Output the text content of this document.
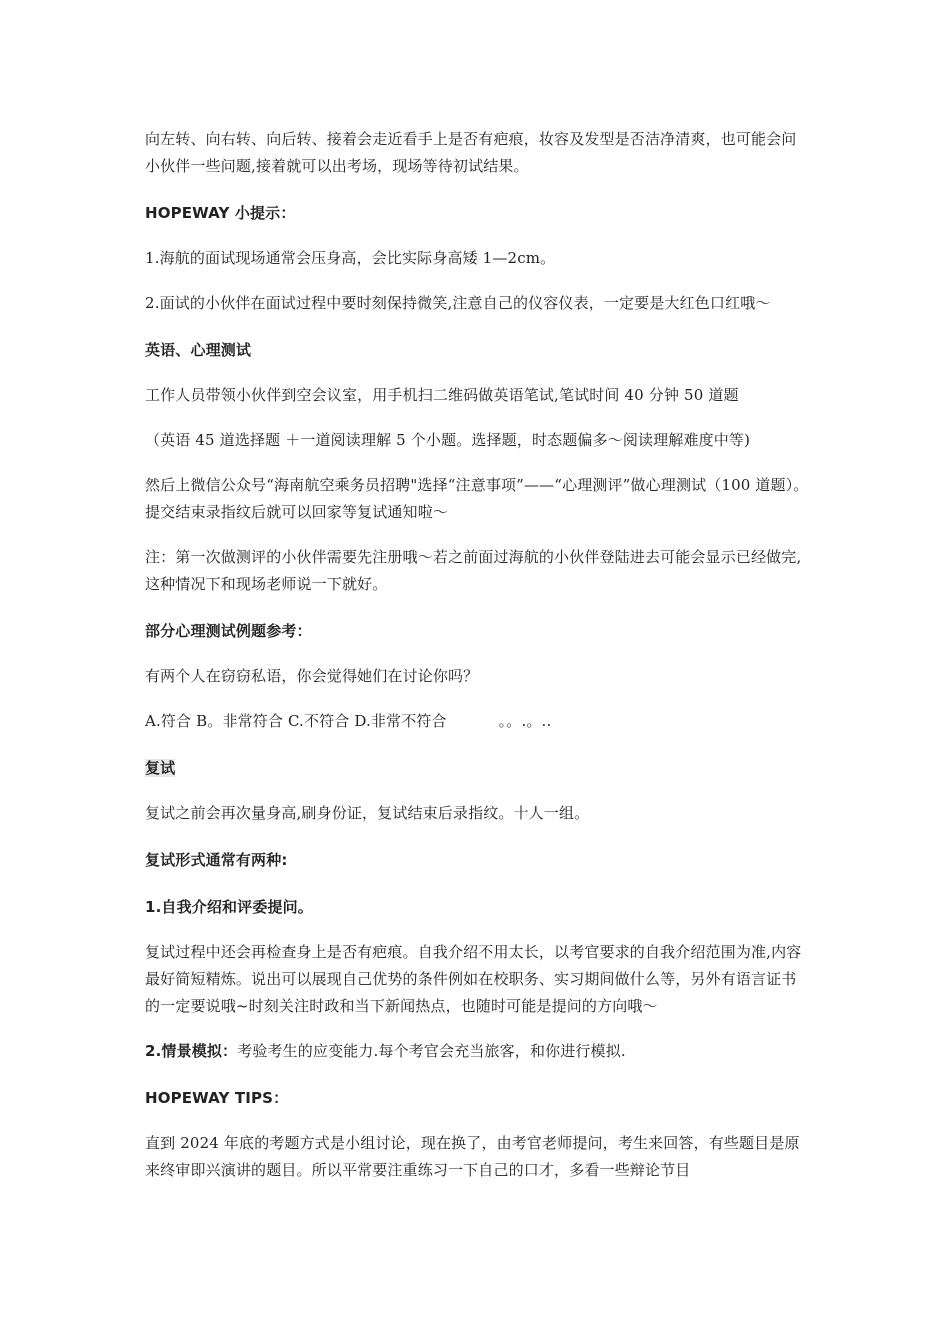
向左转、向右转、向后转、接着会走近看手上是否有疤痕，妆容及发型是否洁净清爽，也可能会问小伙伴一些问题,接着就可以出考场，现场等待初试结果。

HOPEWAY 小提示：

1.海航的面试现场通常会压身高，会比实际身高矮 1—2cm。

2.面试的小伙伴在面试过程中要时刻保持微笑,注意自己的仪容仪表，一定要是大红色口红哦～

英语、心理测试

工作人员带领小伙伴到空会议室，用手机扫二维码做英语笔试,笔试时间 40 分钟 50 道题

（英语 45 道选择题 ＋一道阅读理解 5 个小题。选择题，时态题偏多～阅读理解难度中等)

然后上微信公众号“海南航空乘务员招聘"选择“注意事项”——“心理测评”做心理测试（100 道题）。提交结束录指纹后就可以回家等复试通知啦～

注：第一次做测评的小伙伴需要先注册哦～若之前面过海航的小伙伴登陆进去可能会显示已经做完,这种情况下和现场老师说一下就好。

部分心理测试例题参考：

有两个人在窃窃私语，你会觉得她们在讨论你吗？

A.符合 B。非常符合 C.不符合 D.非常不符合	。。.。..

复试

复试之前会再次量身高,刷身份证，复试结束后录指纹。十人一组。

复试形式通常有两种:

1.自我介绍和评委提问。

复试过程中还会再检查身上是否有疤痕。自我介绍不用太长，以考官要求的自我介绍范围为准,内容最好简短精炼。说出可以展现自己优势的条件例如在校职务、实习期间做什么等，另外有语言证书的一定要说哦~时刻关注时政和当下新闻热点，也随时可能是提问的方向哦～

2.情景模拟：考验考生的应变能力.每个考官会充当旅客，和你进行模拟.

HOPEWAY TIPS：

直到 2024 年底的考题方式是小组讨论，现在换了，由考官老师提问，考生来回答，有些题目是原来终审即兴演讲的题目。所以平常要注重练习一下自己的口才，多看一些辩论节目
